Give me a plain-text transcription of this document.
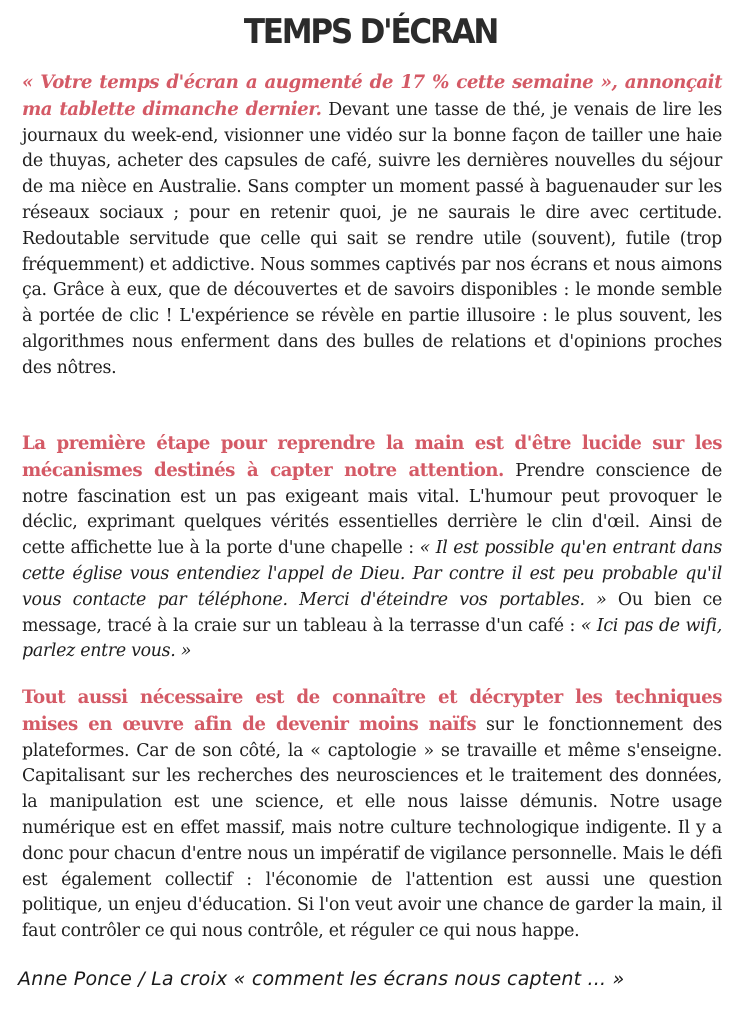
TEMPS D'ÉCRAN

« Votre temps d'écran a augmenté de 17 % cette semaine », annonçait ma tablette dimanche dernier. Devant une tasse de thé, je venais de lire les journaux du week-end, visionner une vidéo sur la bonne façon de tailler une haie de thuyas, acheter des capsules de café, suivre les dernières nouvelles du séjour de ma nièce en Australie. Sans compter un moment passé à baguenauder sur les réseaux sociaux ; pour en retenir quoi, je ne saurais le dire avec certitude. Redoutable servitude que celle qui sait se rendre utile (souvent), futile (trop fréquemment) et addictive. Nous sommes captivés par nos écrans et nous aimons ça. Grâce à eux, que de découvertes et de savoirs disponibles : le monde semble à portée de clic ! L'expérience se révèle en partie illusoire : le plus souvent, les algorithmes nous enferment dans des bulles de relations et d'opinions proches des nôtres.

La première étape pour reprendre la main est d'être lucide sur les mécanismes destinés à capter notre attention. Prendre conscience de notre fascination est un pas exigeant mais vital. L'humour peut provoquer le déclic, exprimant quelques vérités essentielles derrière le clin d'œil. Ainsi de cette affichette lue à la porte d'une chapelle : « Il est possible qu'en entrant dans cette église vous entendiez l'appel de Dieu. Par contre il est peu probable qu'il vous contacte par téléphone. Merci d'éteindre vos portables. » Ou bien ce message, tracé à la craie sur un tableau à la terrasse d'un café : « Ici pas de wifi, parlez entre vous. »

Tout aussi nécessaire est de connaître et décrypter les techniques mises en œuvre afin de devenir moins naïfs sur le fonctionnement des plateformes. Car de son côté, la « captologie » se travaille et même s'enseigne. Capitalisant sur les recherches des neurosciences et le traitement des données, la manipulation est une science, et elle nous laisse démunis. Notre usage numérique est en effet massif, mais notre culture technologique indigente. Il y a donc pour chacun d'entre nous un impératif de vigilance personnelle. Mais le défi est également collectif : l'économie de l'attention est aussi une question politique, un enjeu d'éducation. Si l'on veut avoir une chance de garder la main, il faut contrôler ce qui nous contrôle, et réguler ce qui nous happe.

Anne Ponce / La croix « comment les écrans nous captent ... »
